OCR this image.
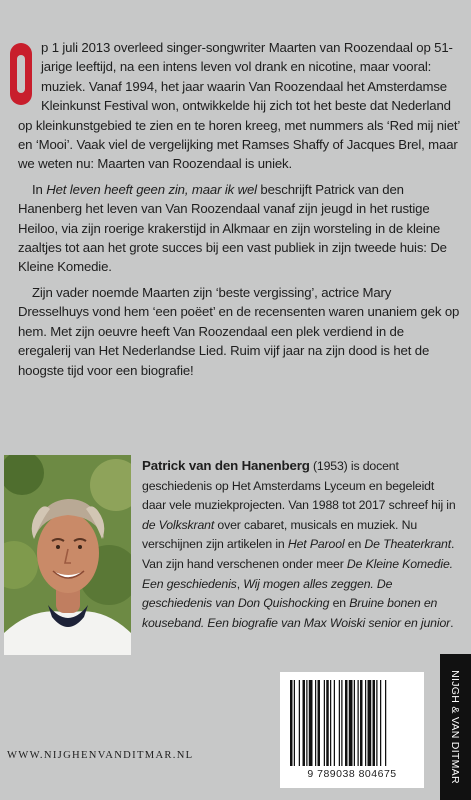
p 1 juli 2013 overleed singer-songwriter Maarten van Roozendaal op 51-jarige leeftijd, na een intens leven vol drank en nicotine, maar vooral: muziek. Vanaf 1994, het jaar waarin Van Roozendaal het Amsterdamse Kleinkunst Festival won, ontwikkelde hij zich tot het beste dat Nederland op kleinkunstgebied te zien en te horen kreeg, met nummers als ‘Red mij niet’ en ‘Mooi’. Vaak viel de vergelijking met Ramses Shaffy of Jacques Brel, maar we weten nu: Maarten van Roozendaal is uniek.

In Het leven heeft geen zin, maar ik wel beschrijft Patrick van den Hanenberg het leven van Van Roozendaal vanaf zijn jeugd in het rustige Heiloo, via zijn roerige krakerstijd in Alkmaar en zijn worsteling in de kleine zaaltjes tot aan het grote succes bij een vast publiek in zijn tweede huis: De Kleine Komedie.

Zijn vader noemde Maarten zijn ‘beste vergissing’, actrice Mary Dresselhuys vond hem ‘een poëet’ en de recensenten waren unaniem gek op hem. Met zijn oeuvre heeft Van Roozendaal een plek verdiend in de eregalerij van Het Nederlandse Lied. Ruim vijf jaar na zijn dood is het de hoogste tijd voor een biografie!

Patrick van den Hanenberg (1953) is docent geschiedenis op Het Amsterdams Lyceum en begeleidt daar vele muziekprojecten. Van 1988 tot 2017 schreef hij in de Volkskrant over cabaret, musicals en muziek. Nu verschijnen zijn artikelen in Het Parool en De Theaterkrant. Van zijn hand verschenen onder meer De Kleine Komedie. Een geschiedenis, Wij mogen alles zeggen. De geschiedenis van Don Quishocking en Bruine bonen en kouseband. Een biografie van Max Woiski senior en junior.

WWW.NIJGHENVANDITMAR.NL
9 789038 804675	NIJGH & VAN DITMAR
